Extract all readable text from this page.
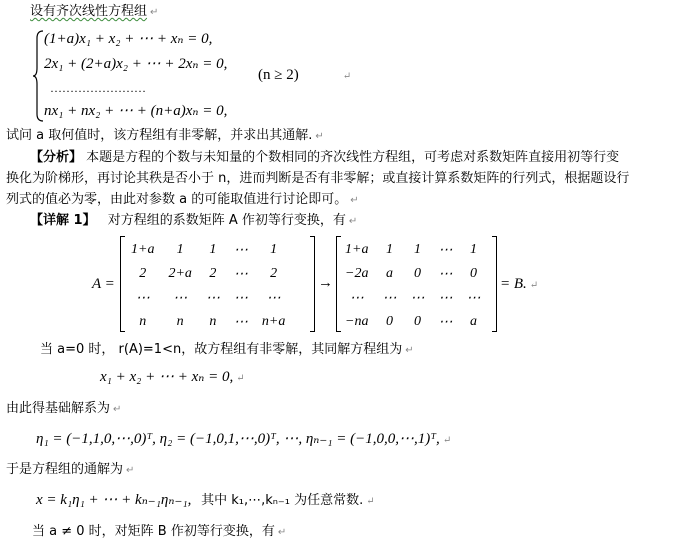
设有齐次线性方程组 ↵
(1+a)x₁ + x₂ + ⋯ + xₙ = 0,
2x₁ + (2+a)x₂ + ⋯ + 2xₙ = 0,
……………………
nx₁ + nx₂ + ⋯ + (n+a)xₙ = 0,
(n ≥ 2)	↵
试问 a 取何值时，该方程组有非零解，并求出其通解. ↵
【分析】 本题是方程的个数与未知量的个数相同的齐次线性方程组，可考虑对系数矩阵直接用初等行变
换化为阶梯形，再讨论其秩是否小于 n，进而判断是否有非零解；或直接计算系数矩阵的行列式，根据题设行
列式的值必为零，由此对参数 a 的可能取值进行讨论即可。 ↵
【详解 1】 对方程组的系数矩阵 A 作初等行变换，有 ↵
A =
1+a	1	1	⋯	1
2	2+a	2	⋯	2
⋯	⋯	⋯	⋯	⋯
n	n	n	⋯	n+a
→
1+a	1	1	⋯	1
−2a	a	0	⋯	0
⋯	⋯	⋯	⋯	⋯
−na	0	0	⋯	a
= B. ↵
当 a=0 时， r(A)=1<n，故方程组有非零解，其同解方程组为 ↵
x₁ + x₂ + ⋯ + xₙ = 0, ↵
由此得基础解系为 ↵
η₁ = (−1,1,0,⋯,0)ᵀ, η₂ = (−1,0,1,⋯,0)ᵀ, ⋯, ηₙ₋₁ = (−1,0,0,⋯,1)ᵀ, ↵
于是方程组的通解为 ↵
x = k₁η₁ + ⋯ + kₙ₋₁ηₙ₋₁, 其中 k₁,⋯,kₙ₋₁ 为任意常数. ↵
当 a ≠ 0 时，对矩阵 B 作初等行变换，有 ↵
